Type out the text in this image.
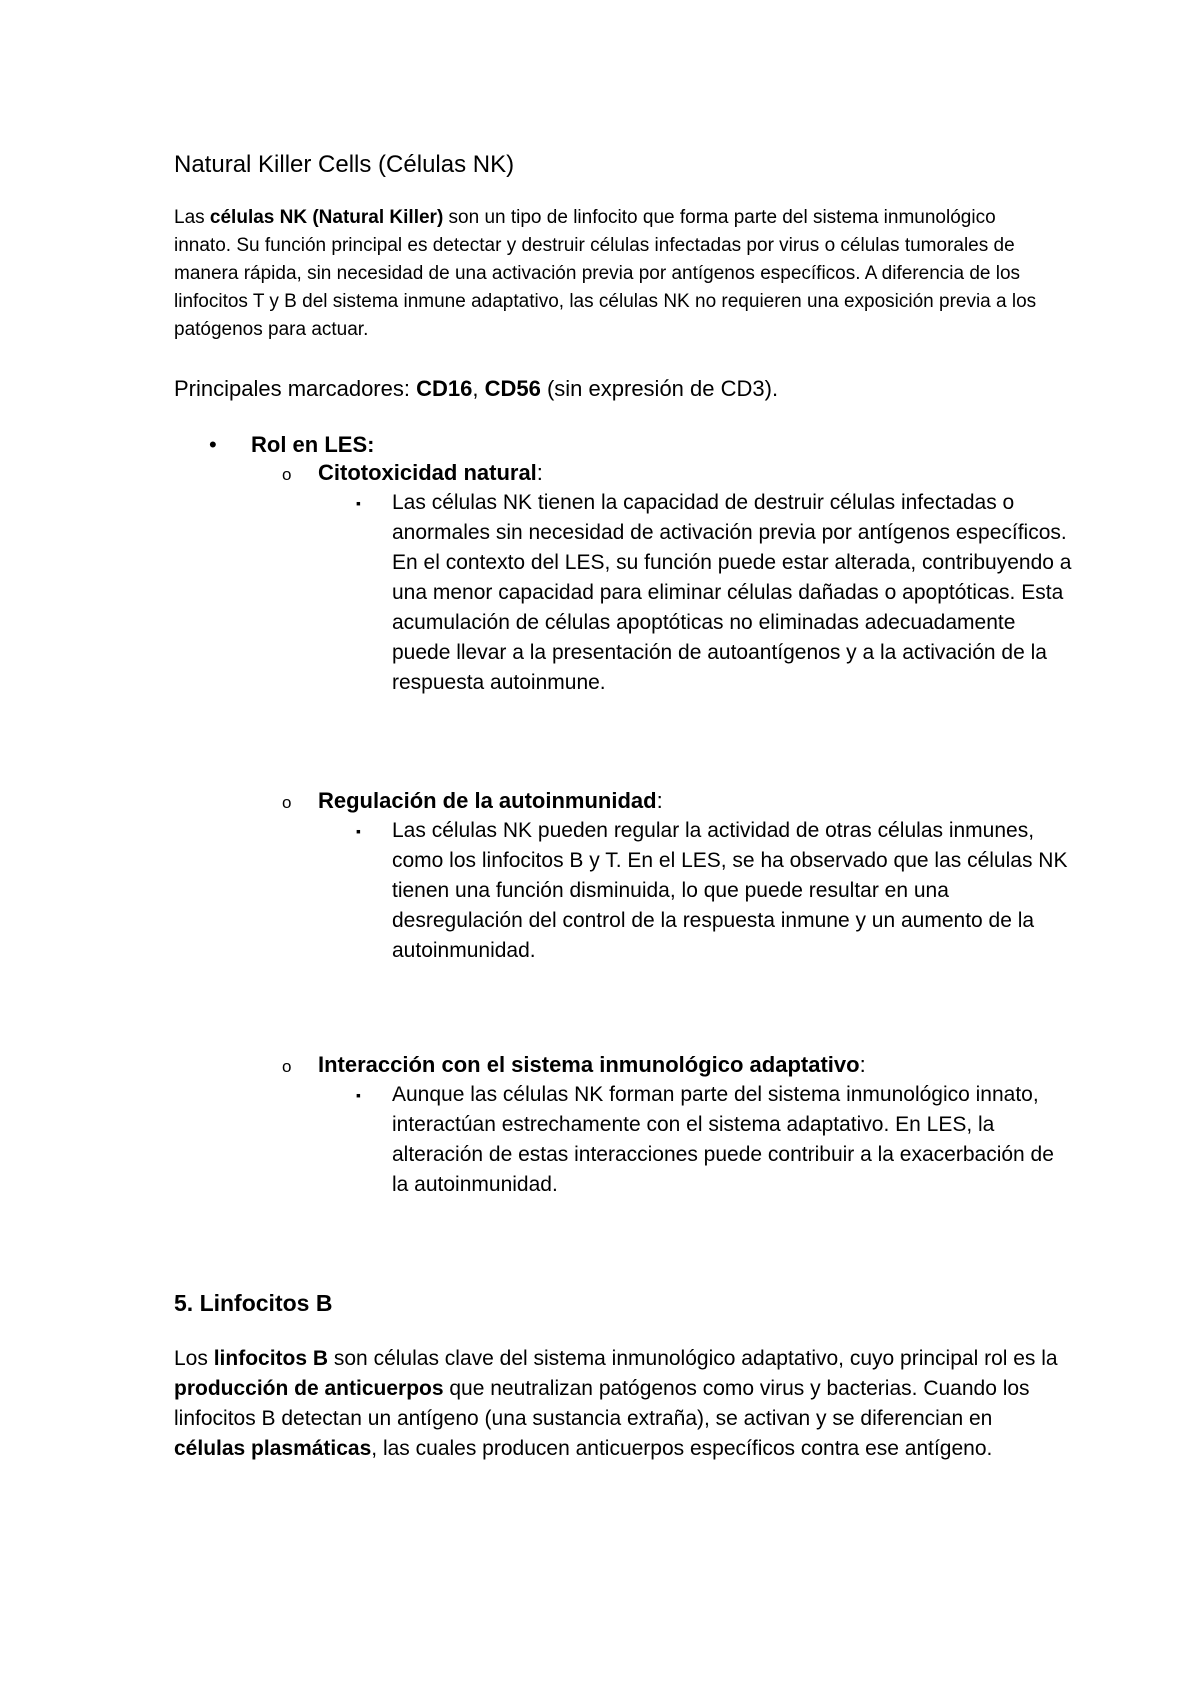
Natural Killer Cells (Células NK)

Las células NK (Natural Killer) son un tipo de linfocito que forma parte del sistema inmunológico innato. Su función principal es detectar y destruir células infectadas por virus o células tumorales de manera rápida, sin necesidad de una activación previa por antígenos específicos. A diferencia de los linfocitos T y B del sistema inmune adaptativo, las células NK no requieren una exposición previa a los patógenos para actuar.

Principales marcadores: CD16, CD56 (sin expresión de CD3).

• Rol en LES:
o Citotoxicidad natural:
▪	Las células NK tienen la capacidad de destruir células infectadas o anormales sin necesidad de activación previa por antígenos específicos. En el contexto del LES, su función puede estar alterada, contribuyendo a una menor capacidad para eliminar células dañadas o apoptóticas. Esta acumulación de células apoptóticas no eliminadas adecuadamente puede llevar a la presentación de autoantígenos y a la activación de la respuesta autoinmune.
o Regulación de la autoinmunidad:
▪	Las células NK pueden regular la actividad de otras células inmunes, como los linfocitos B y T. En el LES, se ha observado que las células NK tienen una función disminuida, lo que puede resultar en una desregulación del control de la respuesta inmune y un aumento de la autoinmunidad.
o Interacción con el sistema inmunológico adaptativo:
▪	Aunque las células NK forman parte del sistema inmunológico innato, interactúan estrechamente con el sistema adaptativo. En LES, la alteración de estas interacciones puede contribuir a la exacerbación de la autoinmunidad.
5. Linfocitos B

Los linfocitos B son células clave del sistema inmunológico adaptativo, cuyo principal rol es la producción de anticuerpos que neutralizan patógenos como virus y bacterias. Cuando los linfocitos B detectan un antígeno (una sustancia extraña), se activan y se diferencian en células plasmáticas, las cuales producen anticuerpos específicos contra ese antígeno.
